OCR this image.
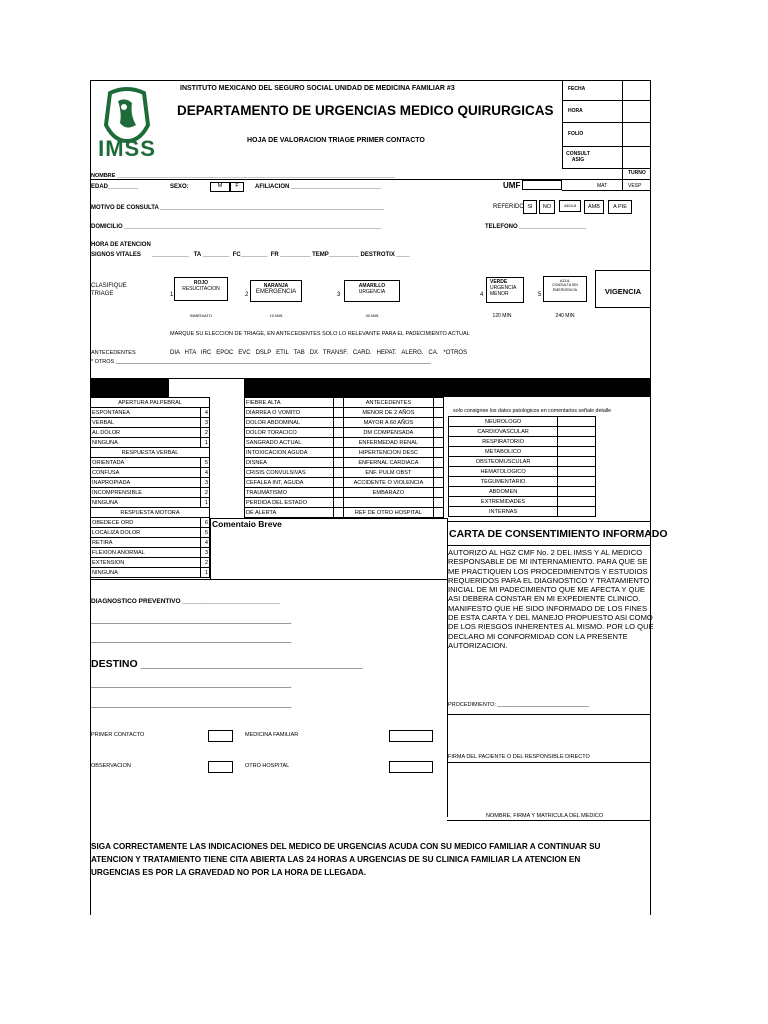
IMSS
INSTITUTO MEXICANO DEL SEGURO SOCIAL UNIDAD DE MEDICINA FAMILIAR #3
DEPARTAMENTO DE URGENCIAS MEDICO QUIRURGICAS
HOJA DE VALORACION TRIAGE PRIMER CONTACTO
FECHA
HORA
FOLIO
CONSULT ASIG
TURNO
MAT	VESP
NOMBRE ___________________________________________________________________________________________
EDAD_________	SEXO:	M	F	AFILIACION ___________________________	UMF
MOTIVO DE CONSULTA ___________________________________________________________________	REFERIDO SI	NO	4304-8	AMB	A PIE
DOMICILIO _____________________________________________________________________________	TELEFONO ____________________
HORA DE ATENCION
SIGNOS VITALES ___________   TA ________  FC________  FR _________ TEMP_________ DESTROTIX ____
CLASIFIQUE
TRIAGE	1
ROJO
RESUCITACION
INMEDIATO
2
NARANJA
EMERGENCIA
10 MIN
3
AMARILLO
URGENCIA
30 MIN
4
VERDE
URGENCIA MENOR
120 MIN
5
AZUL
CONSULTA SIN EMERGENCIA
240 MIN
VIGENCIA
MARQUE SU ELECCION DE TRIAGE, EN ANTECEDENTES SOLO LO RELEVANTE PARA EL PADECIMIENTO ACTUAL
ANTECEDENTES	DIA   HTA   IRC   EPOC   EVC   DSLP   ETIL   TAB   DX   TRANSF.   CARD.   HEPAT.   ALERG.   CA.   *OTROS
* OTROS _______________________________________________________________________________________________________
APERTURA PALPEBRAL	
ESPONTANEA	4
VERBAL	3
AL DOLOR	2
NINGUNA	1
RESPUESTA VERBAL	
ORIENTADA	5
CONFUSA	4
INAPROPIADA	3
INCOMPRENSIBLE	2
NINGUNA	1
RESPUESTA MOTORA	
OBEDECE ORD	6
LOCALIZA DOLOR	5
RETIRA	4
FLEXION ANORMAL	3
EXTENSION	2
NINGUNA	1
FIEBRE ALTA		ANTECEDENTES	
DIARREA O VOMITO		MENOR DE 2 AÑOS	
DOLOR ABDOMINAL		MAYOR A 60 AÑOS	
DOLOR TORACICO		DM COMPENSADA	
SANGRADO ACTUAL		ENFERMEDAD RENAL	
INTOXICACION AGUDA		HIPERTENCION DESC	
DISNEA		ENFERNAL CARDIACA	
CRISIS CONVULSIVAS		ENF. PULM OBST	
CEFALEA INT, AGUDA		ACCIDENTE O VIOLENCIA	
TRAUMATISMO		EMBARAZO	
PERDIDA DEL ESTADO			
DE ALERTA		REF DE OTRO HOSPITAL	
solo consignee los datos patologicos en comentarios señale detalle
NEUROLOGO	
CARDIOVASCULAR	
RESPIRATORIO	
METABOLICO	
OBSTEOMUSCULAR	
HEMATOLOGICO	
TEGUMENTARIO	
ABDOMEN	
EXTREMIDADES	
INTERNAS	
Comentaio Breve
CARTA DE CONSENTIMIENTO INFORMADO
AUTORIZO AL HGZ CMF No. 2 DEL IMSS Y AL MEDICO
RESPONSABLE DE MI INTERNAMIENTO. PARA QUE SE
ME PRACTIQUEN LOS PROCEDIMIENTOS Y ESTUDIOS
REQUERIDOS PARA EL DIAGNOSTICO Y TRATAMIENTO
INICIAL DE MI PADECIMIENTO QUE ME AFECTA Y QUE
ASI DEBERA CONSTAR EN MI EXPEDIENTE CLINICO.
MANIFESTO QUE HE SIDO INFORMADO DE LOS FINES
DE ESTA CARTA Y DEL MANEJO PROPUESTO ASI COMO
DE LOS RIESGOS INHERENTES AL MISMO. POR LO QUE
DECLARO MI CONFORMIDAD CON LA PRESENTE
AUTORIZACION.
PROCEDIMIENTO: ______________________________
FIRMA DEL PACIENTE O DEL RESPONSIBLE DIRECTO
NOMBRE, FIRMA Y MATRICULA DEL MEDICO
DIAGNOSTICO PREVENTIVO ___________________________
____________________________________________________________
____________________________________________________________
DESTINO ______________________________________
____________________________________________________________
____________________________________________________________
PRIMER CONTACTO	MEDICINA FAMILIAR
OBSERVACION	OTRO HOSPITAL
SIGA CORRECTAMENTE LAS INDICACIONES DEL MEDICO DE URGENCIAS ACUDA CON SU MEDICO FAMILIAR A CONTINUAR SU
ATENCION Y TRATAMIENTO TIENE CITA ABIERTA LAS 24 HORAS A URGENCIAS DE SU CLINICA FAMILIAR LA ATENCION EN
URGENCIAS ES POR LA GRAVEDAD NO POR LA HORA DE LLEGADA.
